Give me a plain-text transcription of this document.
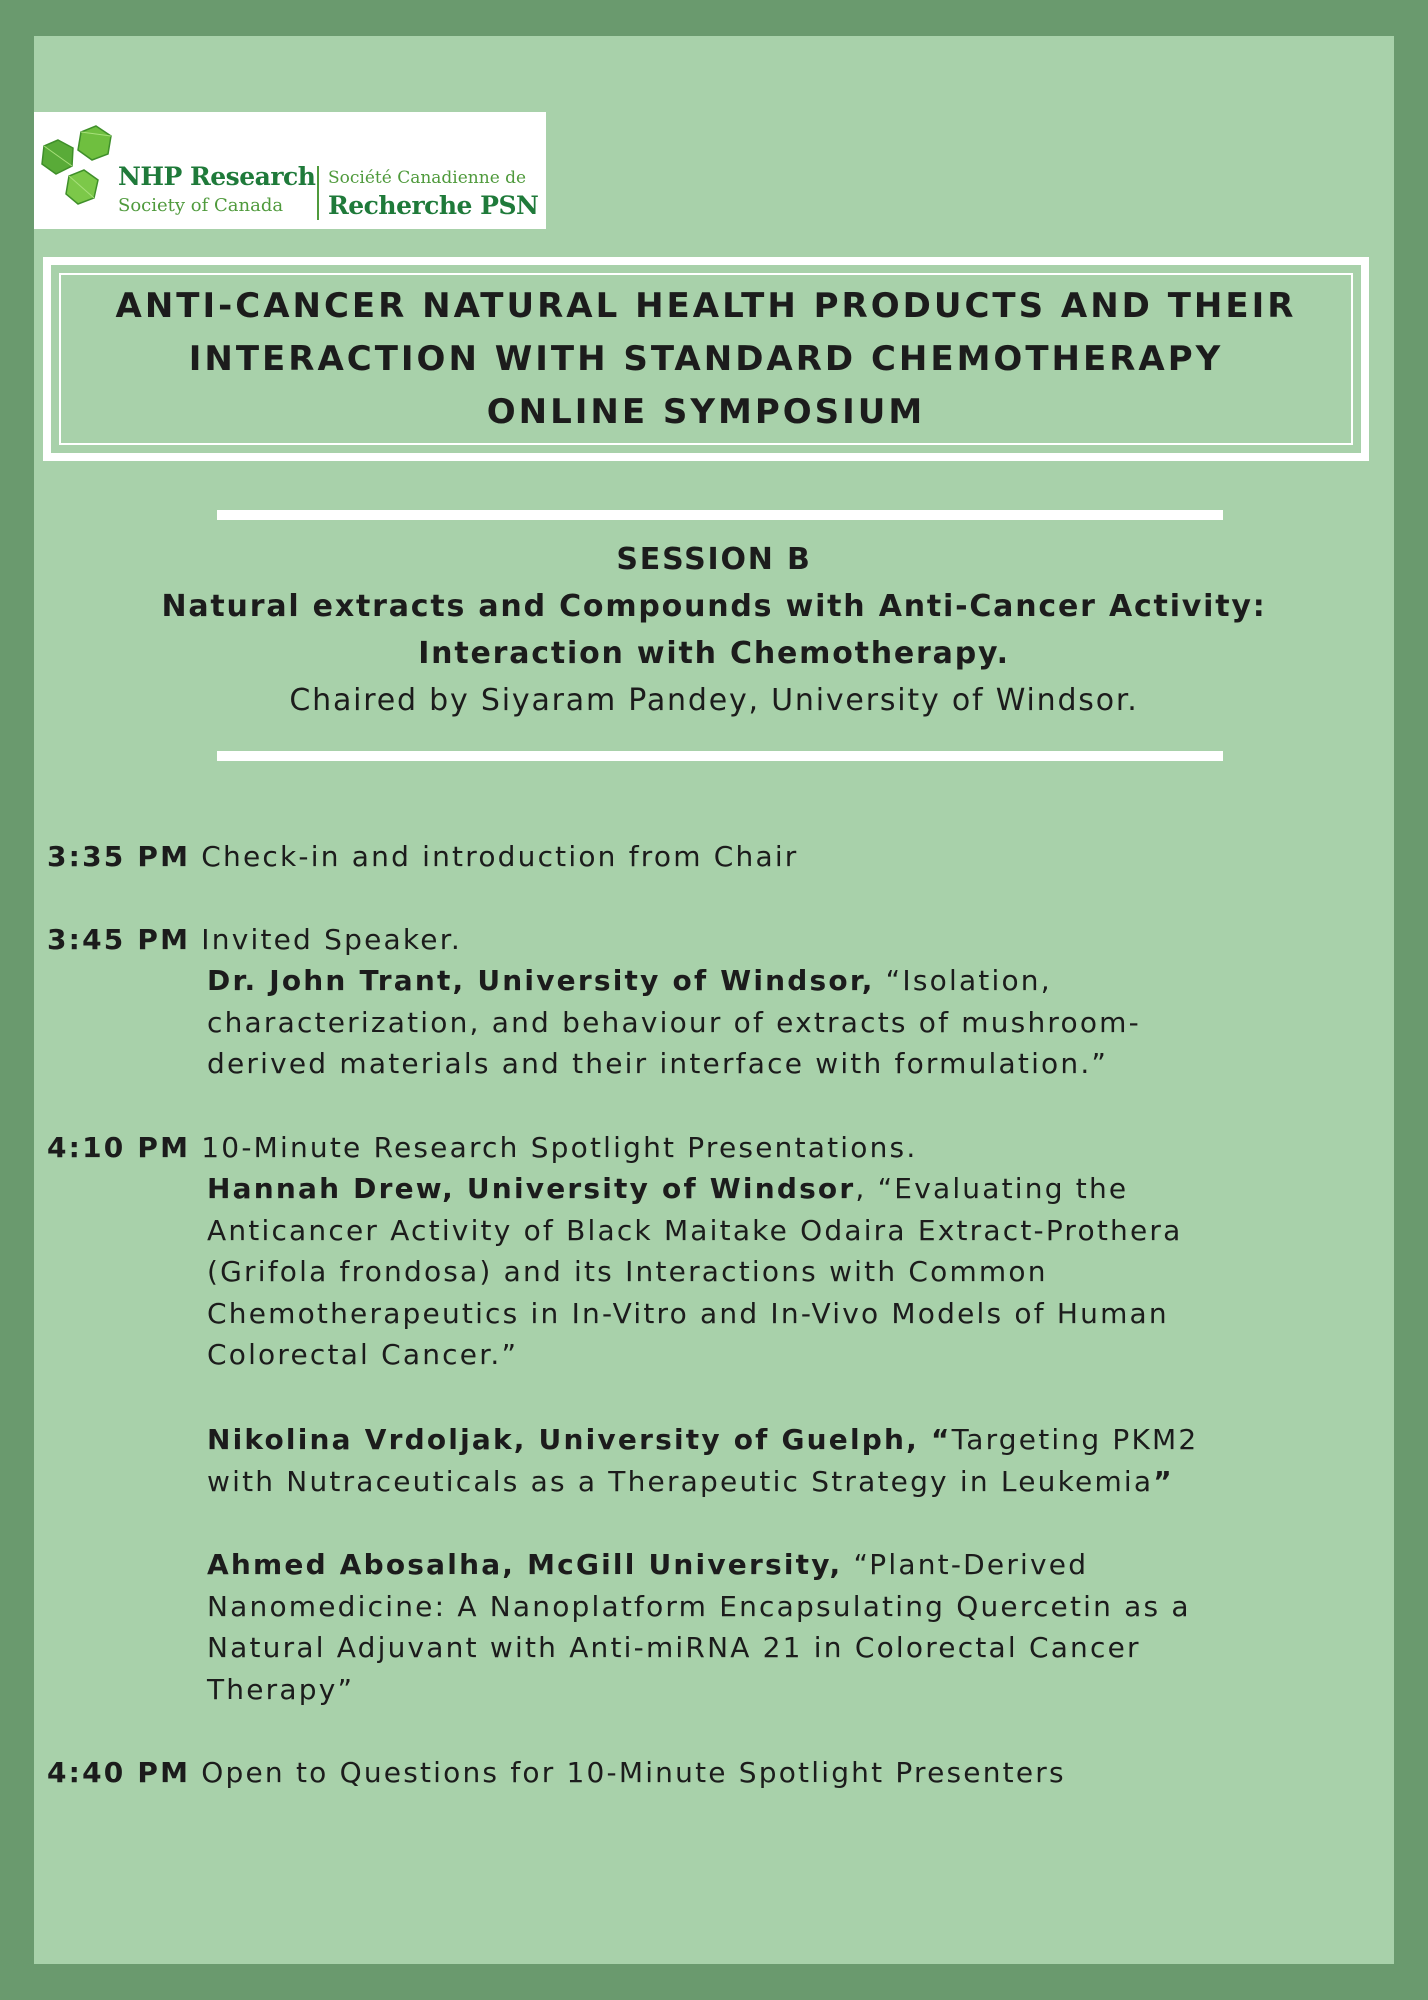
NHP Research
Society of Canada
Société Canadienne de
Recherche PSN
ANTI-CANCER NATURAL HEALTH PRODUCTS AND THEIR
INTERACTION WITH STANDARD CHEMOTHERAPY
ONLINE SYMPOSIUM
SESSION B
Natural extracts and Compounds with Anti-Cancer Activity:
Interaction with Chemotherapy.
Chaired by Siyaram Pandey, University of Windsor.
3:35 PM Check-in and introduction from Chair
3:45 PM Invited Speaker.
Dr. John Trant, University of Windsor, “Isolation,
characterization, and behaviour of extracts of mushroom-
derived materials and their interface with formulation.”
4:10 PM 10-Minute Research Spotlight Presentations.
Hannah Drew, University of Windsor, “Evaluating the
Anticancer Activity of Black Maitake Odaira Extract-Prothera
(Grifola frondosa) and its Interactions with Common
Chemotherapeutics in In-Vitro and In-Vivo Models of Human
Colorectal Cancer.”
Nikolina Vrdoljak, University of Guelph, “Targeting PKM2
with Nutraceuticals as a Therapeutic Strategy in Leukemia”
Ahmed Abosalha, McGill University, “Plant-Derived
Nanomedicine: A Nanoplatform Encapsulating Quercetin as a
Natural Adjuvant with Anti-miRNA 21 in Colorectal Cancer
Therapy”
4:40 PM Open to Questions for 10-Minute Spotlight Presenters
